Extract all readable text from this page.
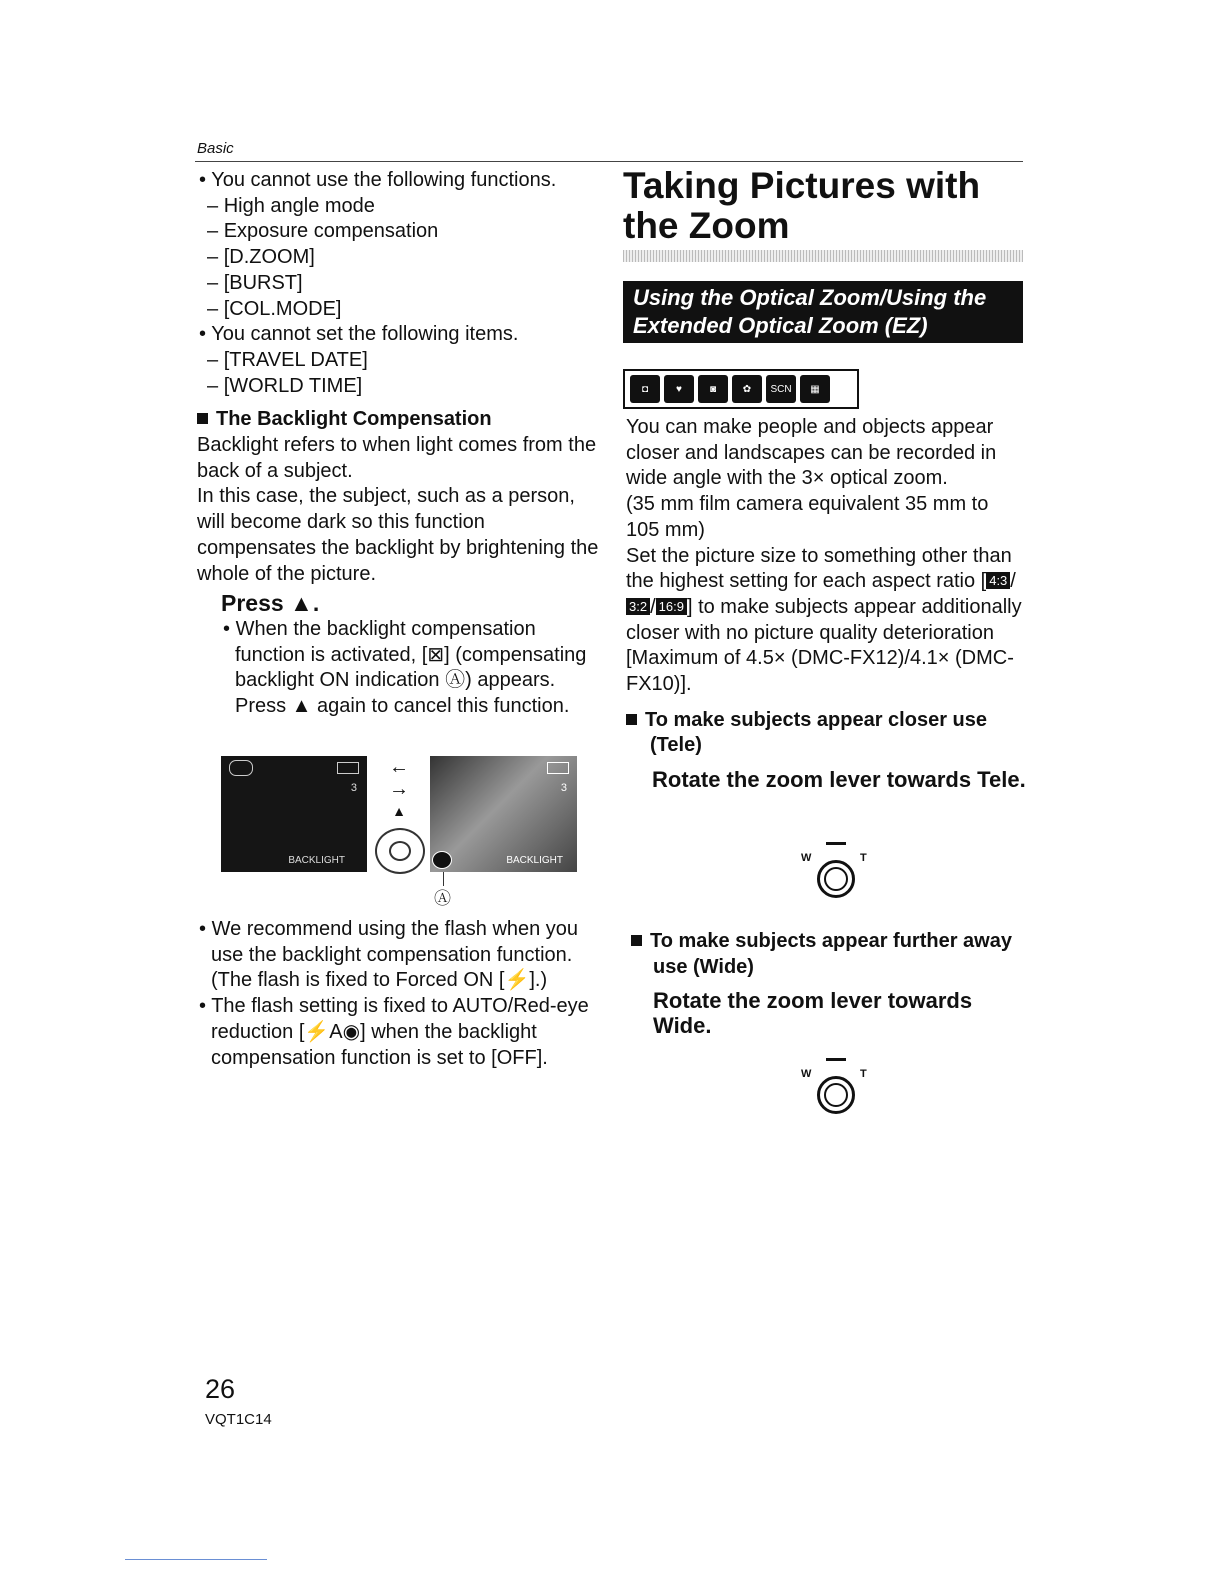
Basic

• You cannot use the following functions.

– High angle mode

– Exposure compensation

– [D.ZOOM]

– [BURST]

– [COL.MODE]

• You cannot set the following items.

– [TRAVEL DATE]

– [WORLD TIME]

The Backlight Compensation

Backlight refers to when light comes from the back of a subject.

In this case, the subject, such as a person, will become dark so this function compensates the backlight by brightening the whole of the picture.

Press ▲.

• When the backlight compensation function is activated, [⊠] (compensating backlight ON indication Ⓐ) appears. Press ▲ again to cancel this function.

3
BACKLIGHT
←
→
▲
3
BACKLIGHT
Ⓐ

• We recommend using the flash when you use the backlight compensation function. (The flash is fixed to Forced ON [⚡].)

• The flash setting is fixed to AUTO/Red-eye reduction [⚡A◉] when the backlight compensation function is set to [OFF].

Taking Pictures with the Zoom
Using the Optical Zoom/Using the Extended Optical Zoom (EZ)
◘	♥	◙	✿	SCN	▦

You can make people and objects appear closer and landscapes can be recorded in wide angle with the 3× optical zoom.

(35 mm film camera equivalent 35 mm to 105 mm)

Set the picture size to something other than the highest setting for each aspect ratio [ 4:3 /3:2 / 16:9 ] to make subjects appear additionally closer with no picture quality deterioration [Maximum of 4.5× (DMC-FX12)/4.1× (DMC-FX10)].

To make subjects appear closer use (Tele)

Rotate the zoom lever towards Tele.

W	T

To make subjects appear further away use (Wide)

Rotate the zoom lever towards Wide.

W	T
26
VQT1C14
